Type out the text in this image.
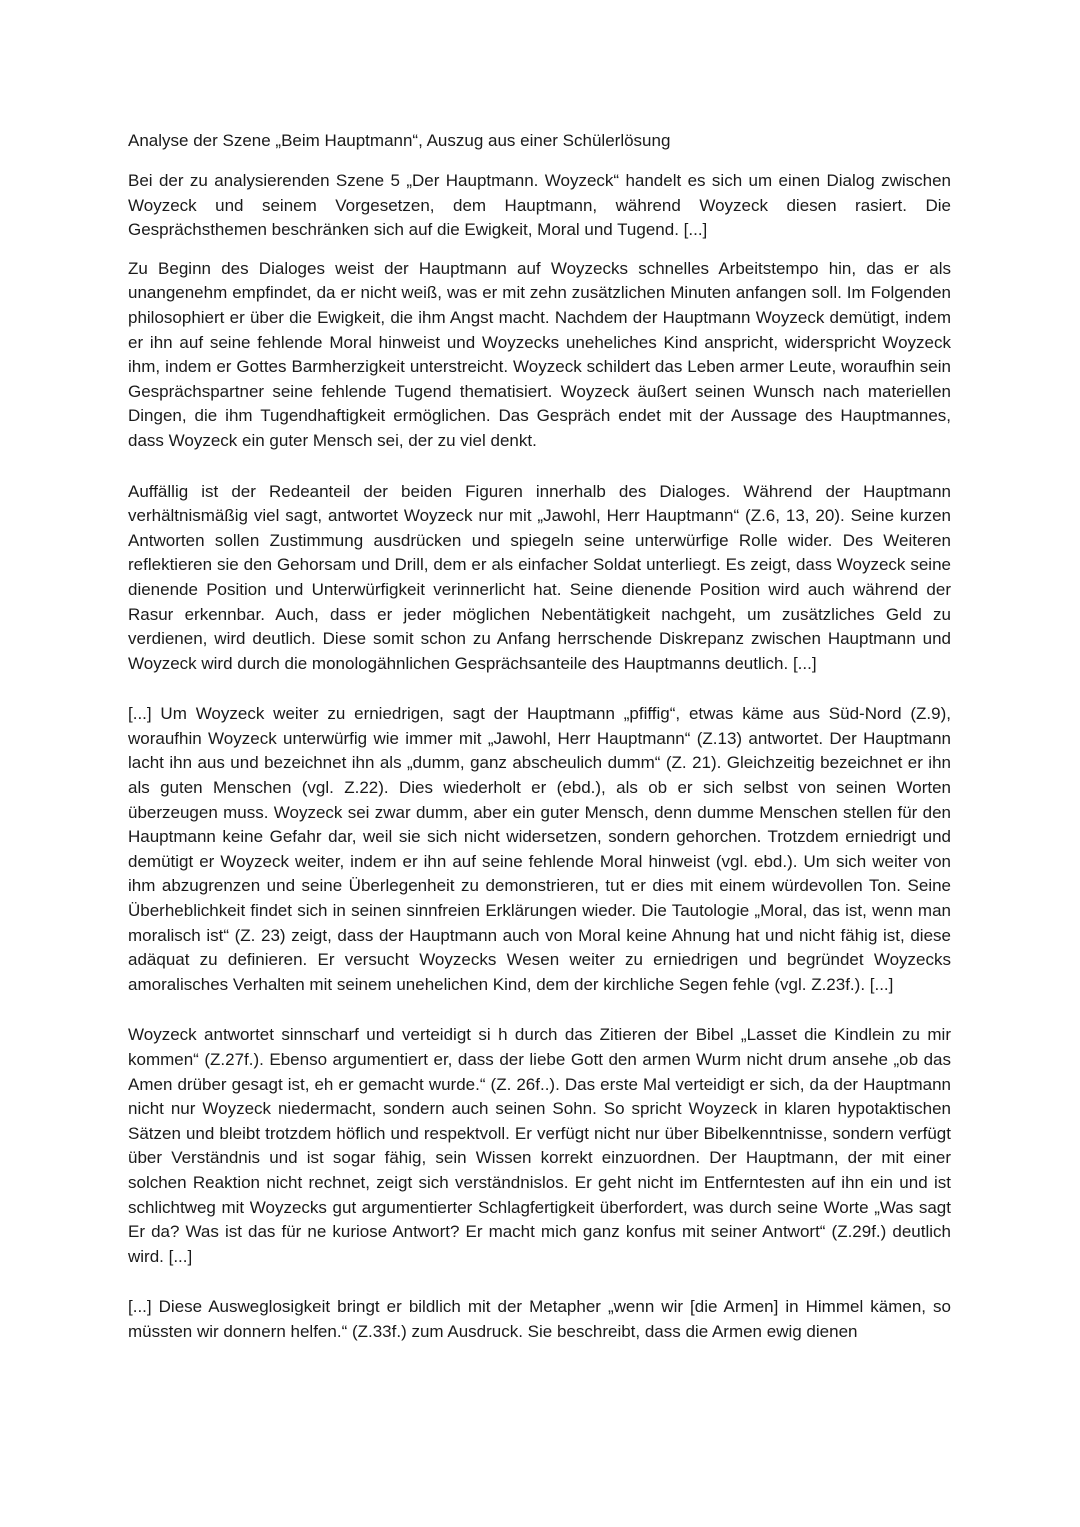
Analyse der Szene „Beim Hauptmann“, Auszug aus einer Schülerlösung

Bei der zu analysierenden Szene 5 „Der Hauptmann. Woyzeck“ handelt es sich um einen Dialog zwischen Woyzeck und seinem Vorgesetzen, dem Hauptmann, während Woyzeck diesen rasiert. Die Gesprächsthemen beschränken sich auf die Ewigkeit, Moral und Tugend. [...]

Zu Beginn des Dialoges weist der Hauptmann auf Woyzecks schnelles Arbeitstempo hin, das er als unangenehm empfindet, da er nicht weiß, was er mit zehn zusätzlichen Minuten anfangen soll. Im Folgenden philosophiert er über die Ewigkeit, die ihm Angst macht. Nachdem der Hauptmann Woyzeck demütigt, indem er ihn auf seine fehlende Moral hinweist und Woyzecks uneheliches Kind anspricht, widerspricht Woyzeck ihm, indem er Gottes Barmherzigkeit unterstreicht. Woyzeck schildert das Leben armer Leute, woraufhin sein Gesprächspartner seine fehlende Tugend thematisiert. Woyzeck äußert seinen Wunsch nach materiellen Dingen, die ihm Tugendhaftigkeit ermöglichen. Das Gespräch endet mit der Aussage des Hauptmannes, dass Woyzeck ein guter Mensch sei, der zu viel denkt.

Auffällig ist der Redeanteil der beiden Figuren innerhalb des Dialoges. Während der Hauptmann verhältnismäßig viel sagt, antwortet Woyzeck nur mit „Jawohl, Herr Hauptmann“ (Z.6, 13, 20). Seine kurzen Antworten sollen Zustimmung ausdrücken und spiegeln seine unterwürfige Rolle wider. Des Weiteren reflektieren sie den Gehorsam und Drill, dem er als einfacher Soldat unterliegt. Es zeigt, dass Woyzeck seine dienende Position und Unterwürfigkeit verinnerlicht hat. Seine dienende Position wird auch während der Rasur erkennbar. Auch, dass er jeder möglichen Nebentätigkeit nachgeht, um zusätzliches Geld zu verdienen, wird deutlich. Diese somit schon zu Anfang herrschende Diskrepanz zwischen Hauptmann und Woyzeck wird durch die monologähnlichen Gesprächsanteile des Hauptmanns deutlich. [...]

[...] Um Woyzeck weiter zu erniedrigen, sagt der Hauptmann „pfiffig“, etwas käme aus Süd-Nord (Z.9), woraufhin Woyzeck unterwürfig wie immer mit „Jawohl, Herr Hauptmann“ (Z.13) antwortet. Der Hauptmann lacht ihn aus und bezeichnet ihn als „dumm, ganz abscheulich dumm“ (Z. 21). Gleichzeitig bezeichnet er ihn als guten Menschen (vgl. Z.22). Dies wiederholt er (ebd.), als ob er sich selbst von seinen Worten überzeugen muss. Woyzeck sei zwar dumm, aber ein guter Mensch, denn dumme Menschen stellen für den Hauptmann keine Gefahr dar, weil sie sich nicht widersetzen, sondern gehorchen. Trotzdem erniedrigt und demütigt er Woyzeck weiter, indem er ihn auf seine fehlende Moral hinweist (vgl. ebd.). Um sich weiter von ihm abzugrenzen und seine Überlegenheit zu demonstrieren, tut er dies mit einem würdevollen Ton. Seine Überheblichkeit findet sich in seinen sinnfreien Erklärungen wieder. Die Tautologie „Moral, das ist, wenn man moralisch ist“ (Z. 23) zeigt, dass der Hauptmann auch von Moral keine Ahnung hat und nicht fähig ist, diese adäquat zu definieren. Er versucht Woyzecks Wesen weiter zu erniedrigen und begründet Woyzecks amoralisches Verhalten mit seinem unehelichen Kind, dem der kirchliche Segen fehle (vgl. Z.23f.). [...]

Woyzeck antwortet sinnscharf und verteidigt si h durch das Zitieren der Bibel „Lasset die Kindlein zu mir kommen“ (Z.27f.). Ebenso argumentiert er, dass der liebe Gott den armen Wurm nicht drum ansehe „ob das Amen drüber gesagt ist, eh er gemacht wurde.“ (Z. 26f..). Das erste Mal verteidigt er sich, da der Hauptmann nicht nur Woyzeck niedermacht, sondern auch seinen Sohn. So spricht Woyzeck in klaren hypotaktischen Sätzen und bleibt trotzdem höflich und respektvoll. Er verfügt nicht nur über Bibelkenntnisse, sondern verfügt über Verständnis und ist sogar fähig, sein Wissen korrekt einzuordnen. Der Hauptmann, der mit einer solchen Reaktion nicht rechnet, zeigt sich verständnislos. Er geht nicht im Entferntesten auf ihn ein und ist schlichtweg mit Woyzecks gut argumentierter Schlagfertigkeit überfordert, was durch seine Worte „Was sagt Er da? Was ist das für ne kuriose Antwort? Er macht mich ganz konfus mit seiner Antwort“ (Z.29f.) deutlich wird. [...]

[...] Diese Ausweglosigkeit bringt er bildlich mit der Metapher „wenn wir [die Armen] in Himmel kämen, so müssten wir donnern helfen.“ (Z.33f.) zum Ausdruck. Sie beschreibt, dass die Armen ewig dienen
